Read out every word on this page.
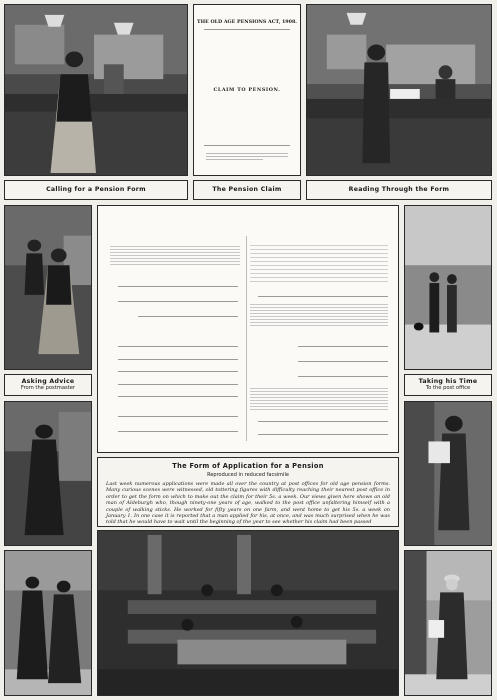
THE OLD AGE PENSIONS ACT, 1908.
CLAIM TO PENSION.
Calling for a Pension Form	The Pension Claim	Reading Through the Form
Asking Advice
From the postmaster
Taking his Time
To the post office
The Form of Application for a Pension
Reproduced in reduced facsimile
Last week numerous applications were made all over the country at post offices for old age pension forms. Many curious scenes were witnessed, old tottering figures with difficulty reaching their nearest post office in order to get the form on which to make out the claim for their 5s. a week. Our views given here shows an old man of Aldeburgh who, though ninety-one years of age, walked to the post office unfaltering himself with a couple of walking sticks. He worked for fifty years on one farm, and went home to get his 5s. a week on January 1. In one case it is reported that a man applied for his, at once, and was much surprised when he was told that he would have to wait until the beginning of the year to see whether his claim had been passed
